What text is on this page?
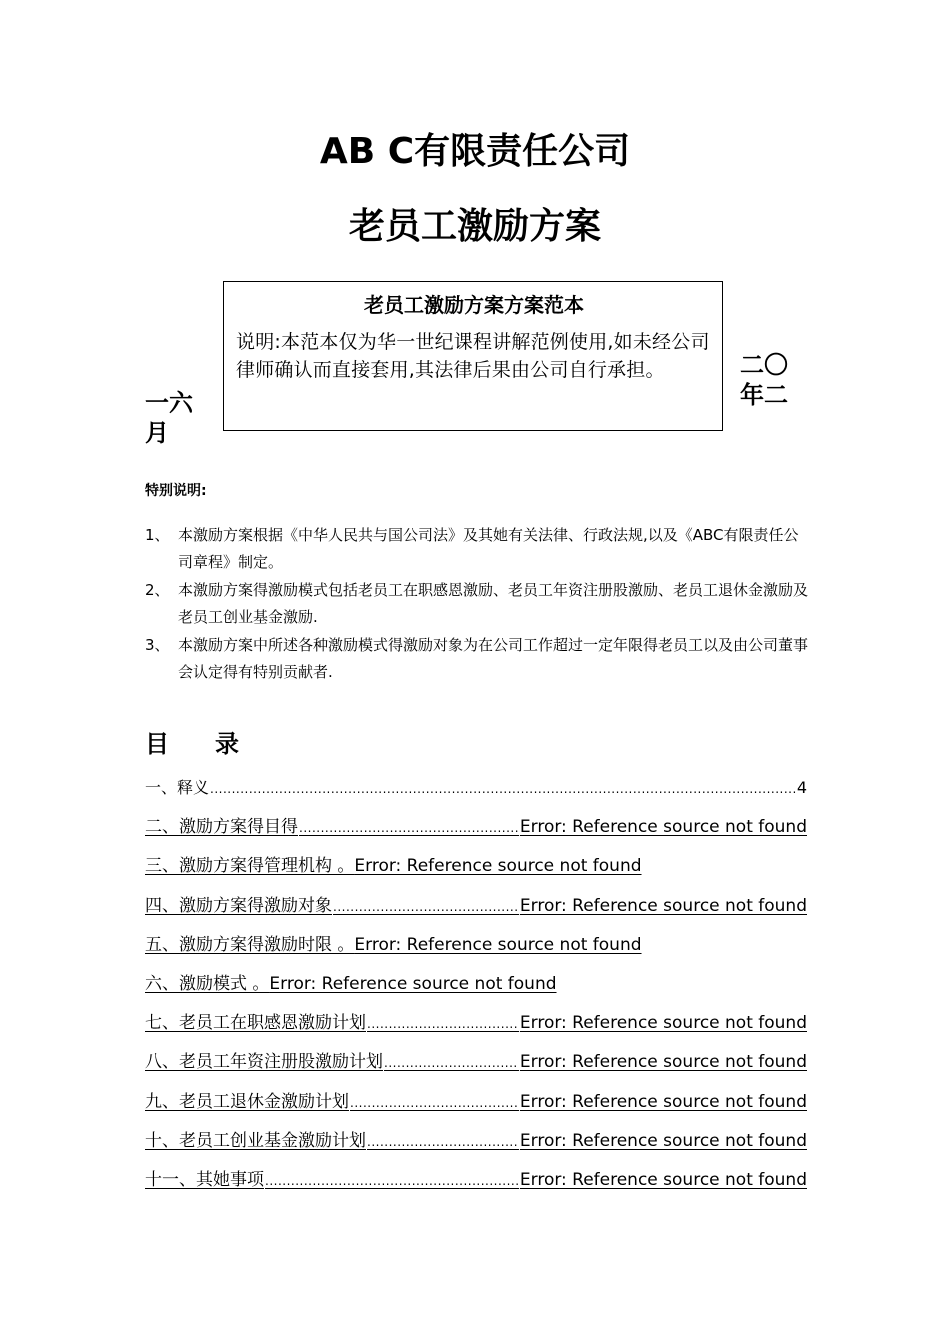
AB C有限责任公司
老员工激励方案
老员工激励方案方案范本
说明:本范本仅为华一世纪课程讲解范例使用,如未经公司律师确认而直接套用,其法律后果由公司自行承担。
一六月
二〇年二
特别说明:
1、 本激励方案根据《中华人民共与国公司法》及其她有关法律、行政法规,以及《ABC有限责任公司章程》制定。
2、 本激励方案得激励模式包括老员工在职感恩激励、老员工年资注册股激励、老员工退休金激励及老员工创业基金激励.
3、 本激励方案中所述各种激励模式得激励对象为在公司工作超过一定年限得老员工以及由公司董事会认定得有特别贡献者.
目 录
一、释义 .....	4
二、激励方案得目得 .....	Error: Reference source not found
三、激励方案得管理机构 。 Error: Reference source not found
四、激励方案得激励对象 .....	Error: Reference source not found
五、激励方案得激励时限 。 Error: Reference source not found
六、激励模式 。 Error: Reference source not found
七、老员工在职感恩激励计划 .....	Error: Reference source not found
八、老员工年资注册股激励计划 .....	Error: Reference source not found
九、老员工退休金激励计划 .....	Error: Reference source not found
十、老员工创业基金激励计划 .....	Error: Reference source not found
十一、其她事项 .....	Error: Reference source not found
